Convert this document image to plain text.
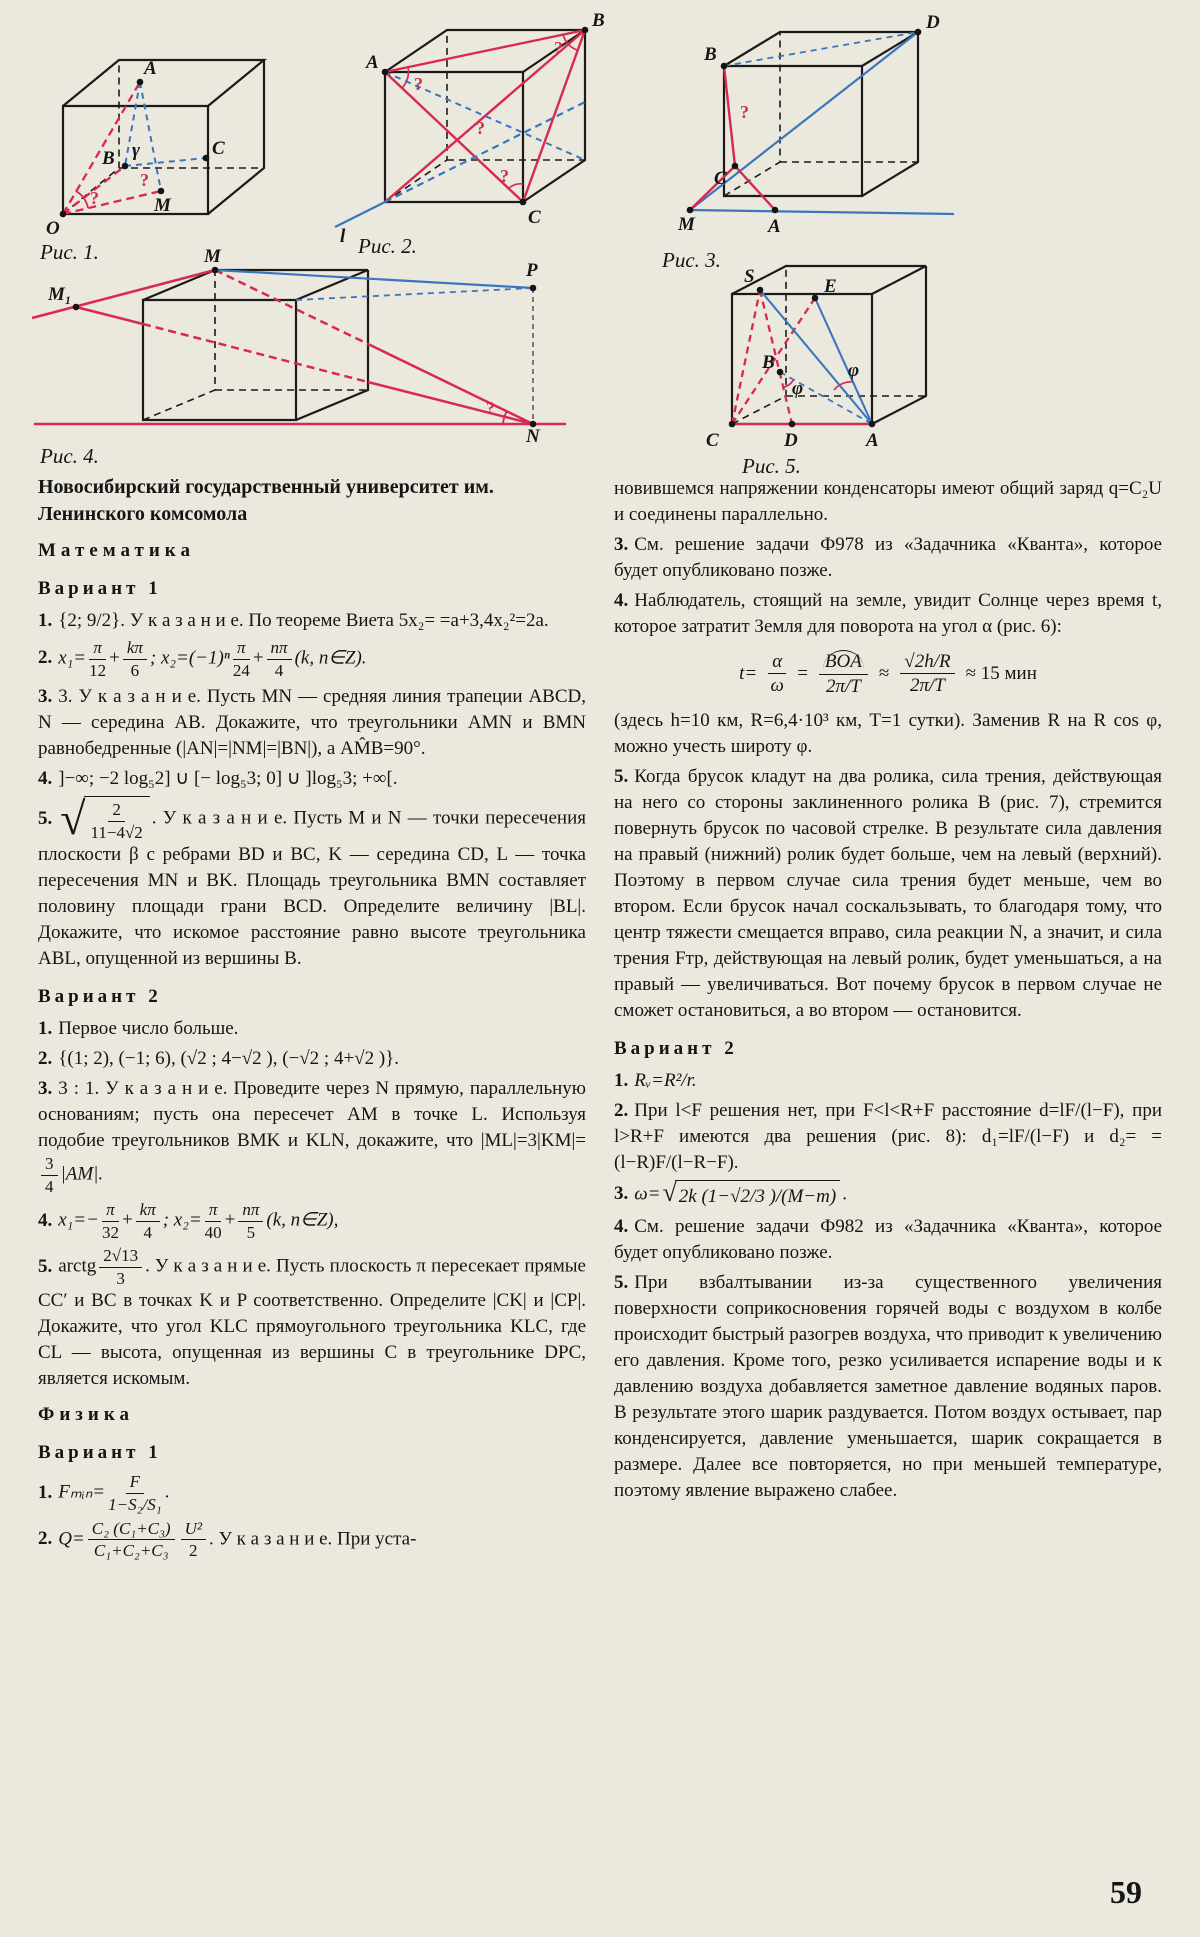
A
B	C
M
O
γ
?
?
A
B
C
l
?
?
?
?
B
D
C
M	A
?
M
M₁
P
N
?
S	E
B
C	D	A
φ
φ
Рис. 1.	Рис. 2.
Рис. 3.
Рис. 4.	Рис. 5.

Новосибирский государственный университет им. Ленинского комсомола

Математика

Вариант 1

1. {2; 9/2}. У к а з а н и е. По теореме Виета 5x₂= =a+3,4x₂²=2a.

2. $x_1= \frac{\pi}{12} + \frac{k\pi}{6}$ ; $x_2=(-1)^n \frac{\pi}{24} + \frac{n\pi}{4} (k$, n∈Z).

3. 3. У к а з а н и е. Пусть MN — средняя линия трапеции ABCD, N — середина AB. Докажите, что треугольники AMN и BMN равнобедренные (|AN|=|NM|=|BN|), а AM̂B=90°.

4. ]−∞; −2 log₅2] ∪ [− log₅3; 0] ∪ ]log₅3; +∞[.

5. √ $\frac{2}{11-4√2}$ . У к а з а н и е. Пусть M и N — точки пересечения плоскости β с ребрами BD и BC, K — середина CD, L — точка пересечения MN и BK. Площадь треугольника BMN составляет половину площади грани BCD. Определите величину |BL|. Докажите, что искомое расстояние равно высоте треугольника ABL, опущенной из вершины B.

Вариант 2

1. Первое число больше.

2. {(1; 2), (−1; 6), (√2 ; 4−√2 ), (−√2 ; 4+√2 )}.

3. 3 : 1. У к а з а н и е. Проведите через N прямую, параллельную основаниям; пусть она пересечет AM в точке L. Используя подобие треугольников BMK и KLN, докажите, что |ML|=3|KM|=
$\frac{3}{4} |AM|$.

4. $x_1=- \frac{\pi}{32} + \frac{k\pi}{4}$ ; $x_2= \frac{\pi}{40} + \frac{n\pi}{5} (k$, n∈Z),

5. arctg $\frac{2√13}{3}$ . У к а з а н и е. Пусть плоскость π пересекает прямые CC′ и BC в точках K и P соответственно. Определите |CK| и |CP|. Докажите, что угол KLC прямоугольного треугольника KLC, где CL — высота, опущенная из вершины C в треугольнике DPC, является искомым.

Физика

Вариант 1

1. Fₘᵢₙ= $\frac{F}{\text{1−S₂/S₁}}$ .

2. $Q= \frac{\text{C₂ (C₁+C₃)}}{\text{C₁+C₂+C₃}} \frac{\text{U²}}{2}$ . У к а з а н и е. При уста-

новившемся напряжении конденсаторы имеют общий заряд q=C₂U и соединены параллельно.

3. См. решение задачи Ф978 из «Задачника «Кванта», которое будет опубликовано позже.

4. Наблюдатель, стоящий на земле, увидит Солнце через время t, которое затратит Земля для поворота на угол α (рис. 6):

$t= \frac{\alpha}{\omega} = \frac{\text{BOA}}{2\pi/T} \approx \frac{√2h/R}{2\pi/T} \approx 15$ мин

(здесь h=10 км, R=6,4·10³ км, T=1 сутки). Заменив R на R cos φ, можно учесть широту φ.

5. Когда брусок кладут на два ролика, сила трения, действующая на него со стороны заклиненного ролика B (рис. 7), стремится повернуть брусок по часовой стрелке. В результате сила давления на правый (нижний) ролик будет больше, чем на левый (верхний). Поэтому в первом случае сила трения будет меньше, чем во втором. Если брусок начал соскальзывать, то благодаря тому, что центр тяжести смещается вправо, сила реакции N, а значит, и сила трения Fтр, действующая на левый ролик, будет уменьшаться, а на правый — увеличиваться. Вот почему брусок в первом случае не сможет остановиться, а во втором — остановится.

Вариант 2

1. Rᵥ=R²/r.

2. При l<F решения нет, при F<l<R+F расстояние d=lF/(l−F), при l>R+F имеются два решения (рис. 8): d₁=lF/(l−F) и d₂= =(l−R)F/(l−R−F).

3. ω= √ 2k (1−√2/3 )/(M−m) .

4. См. решение задачи Ф982 из «Задачника «Кванта», которое будет опубликовано позже.

5. При взбалтывании из-за существенного увеличения поверхности соприкосновения горячей воды с воздухом в колбе происходит быстрый разогрев воздуха, что приводит к увеличению его давления. Кроме того, резко усиливается испарение воды и к давлению воздуха добавляется заметное давление водяных паров. В результате этого шарик раздувается. Потом воздух остывает, пар конденсируется, давление уменьшается, шарик сокращается в размере. Далее все повторяется, но при меньшей температуре, поэтому явление выражено слабее.

59
